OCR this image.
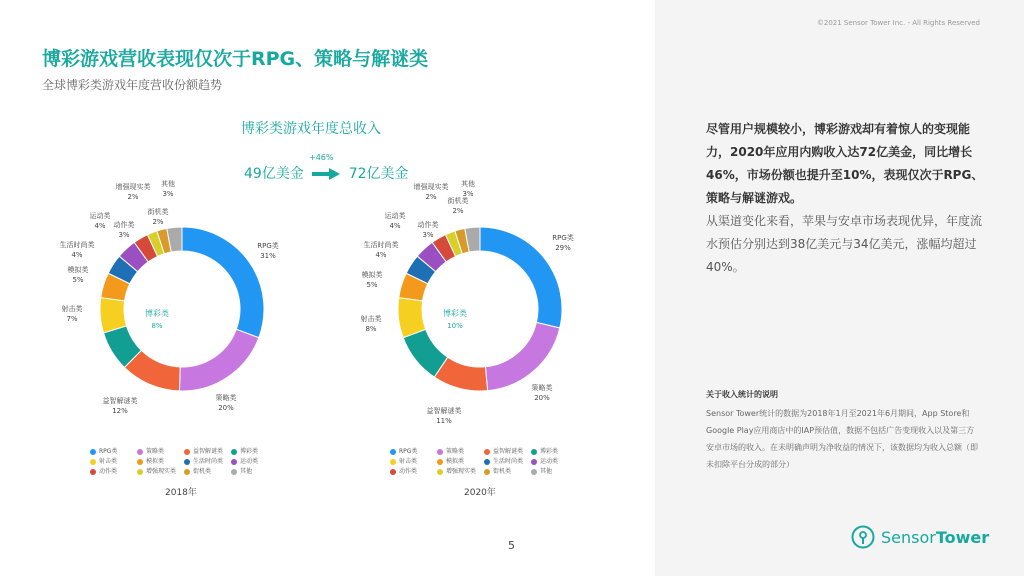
©2021 Sensor Tower Inc. - All Rights Reserved
博彩游戏营收表现仅次于RPG、策略与解谜类
全球博彩类游戏年度营收份额趋势
博彩类游戏年度总收入
+46%
49亿美金	72亿美金
RPG类
31%
策略类
20%
益智解谜类
12%
射击类
7%
模拟类
5%
生活时尚类
4%
运动类
4% 动作类
3%
增强现实类
2%
街机类
2%
其他
3%
博彩类
8%
RPG类
29%
策略类
20%
益智解谜类
11%
射击类
8%
模拟类
5%
生活时尚类
4%
运动类
4% 动作类
3%
增强现实类
2% 街机类
2%
其他
3%
博彩类
10%
RPG类	策略类	益智解谜类	博彩类
射击类	模拟类	生活时尚类	运动类
动作类	增强现实类	街机类	其他
RPG类	策略类	益智解谜类	博彩类
射击类	模拟类	生活时尚类	运动类
动作类	增强现实类	街机类	其他
2018年	2020年
5
尽管用户规模较小，博彩游戏却有着惊人的变现能力，2020年应用内购收入达72亿美金，同比增长46%，市场份额也提升至10%，表现仅次于RPG、策略与解谜游戏。
从渠道变化来看，苹果与安卓市场表现优异，年度流水预估分别达到38亿美元与34亿美元，涨幅均超过40%。
关于收入统计的说明
Sensor Tower统计的数据为2018年1月至2021年6月期间，App Store和Google Play应用商店中的IAP预估值，数据不包括广告变现收入以及第三方安卓市场的收入。在未明确声明为净收益的情况下，该数据均为收入总额（即未扣除平台分成的部分）
SensorTower
